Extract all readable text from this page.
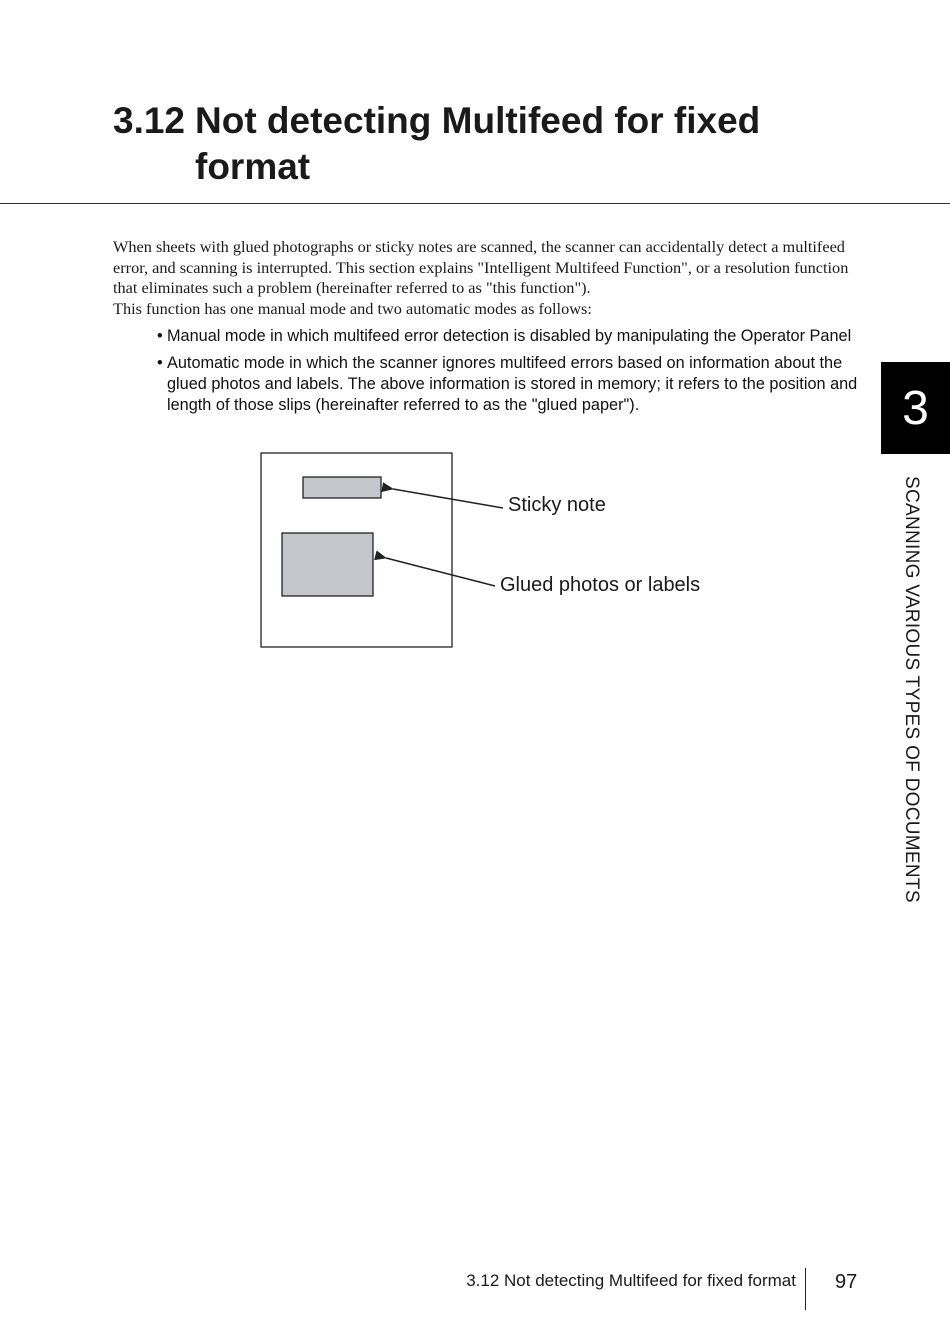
3.12 Not detecting Multifeed for fixed format

When sheets with glued photographs or sticky notes are scanned, the scanner can accidentally detect a multifeed error, and scanning is interrupted. This section explains "Intelligent Multifeed Function", or a resolution function that eliminates such a problem (hereinafter referred to as "this function").

This function has one manual mode and two automatic modes as follows:

• Manual mode in which multifeed error detection is disabled by manipulating the Operator Panel
• Automatic mode in which the scanner ignores multifeed errors based on information about the glued photos and labels. The above information is stored in memory; it refers to the position and length of those slips (hereinafter referred to as the "glued paper").	3
SCANNING VARIOUS TYPES OF DOCUMENTS
Sticky note
Glued photos or labels
3.12 Not detecting Multifeed for fixed format 97
